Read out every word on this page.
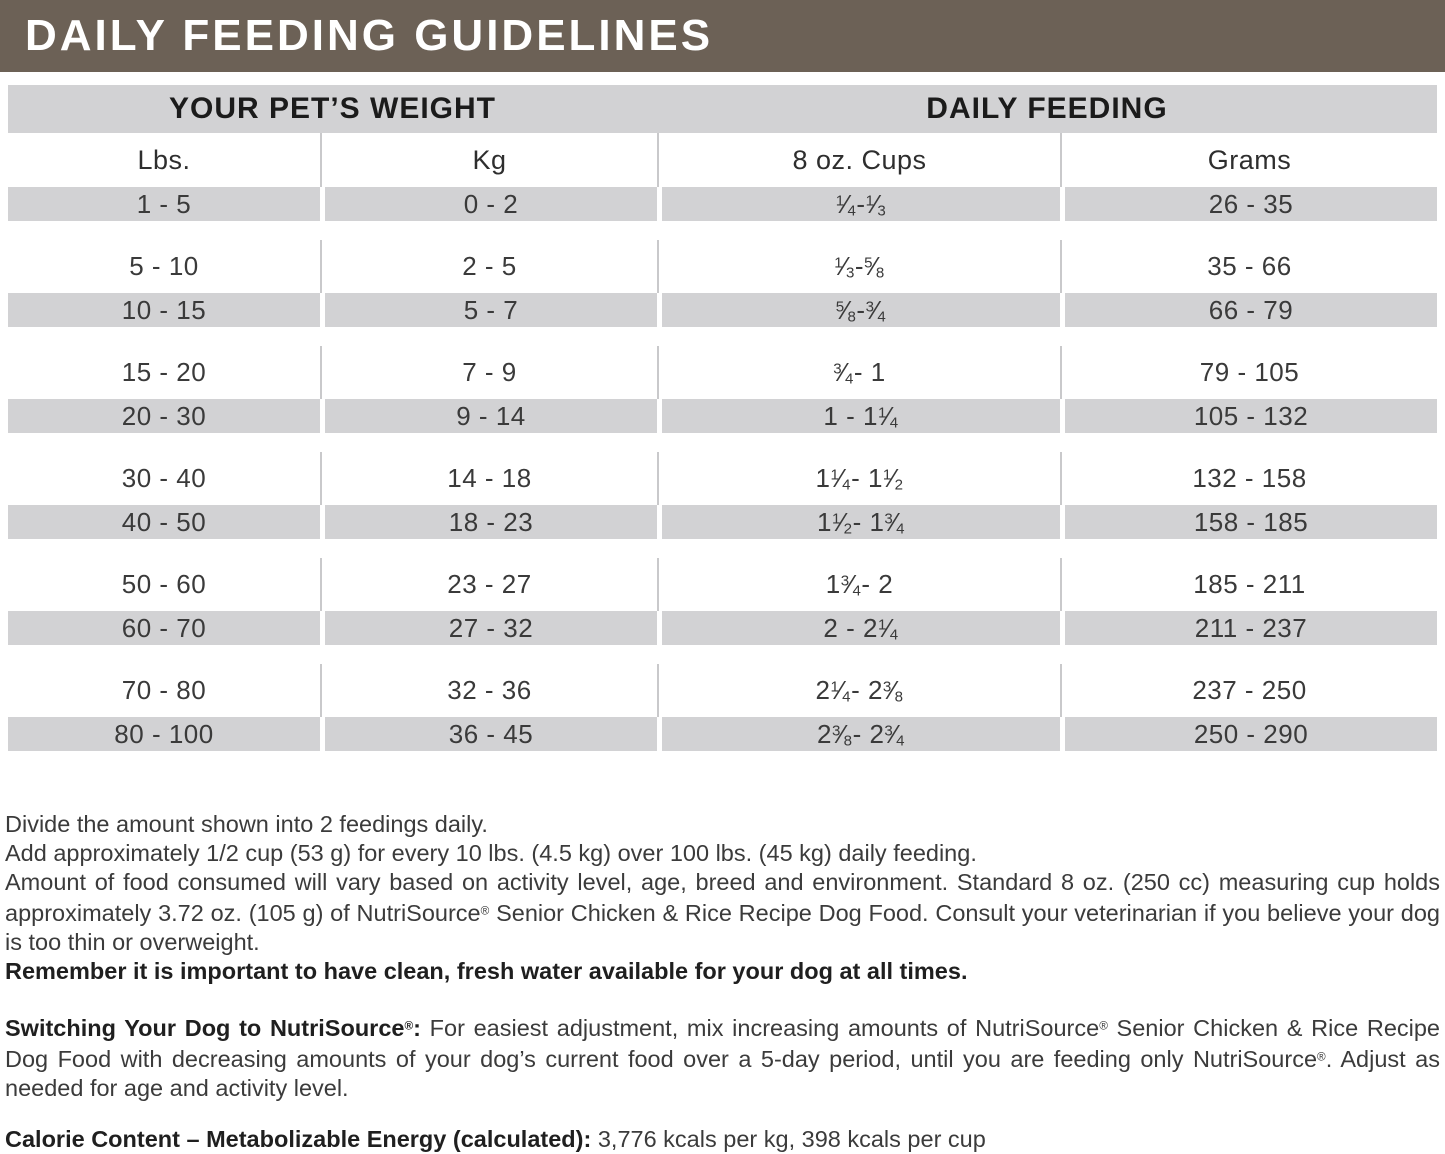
DAILY FEEDING GUIDELINES
YOUR PET’S WEIGHT	DAILY FEEDING
Lbs.	Kg	8 oz. Cups	Grams
1 - 5	0 - 2	$^1⁄_4$ - $^1⁄_3$	26 - 35
5 - 10	2 - 5	$^1⁄_3$ - $^5⁄_8$	35 - 66
10 - 15	5 - 7	$^5⁄_8$ - $^3⁄_4$	66 - 79
15 - 20	7 - 9	$^3⁄_4 - 1$	79 - 105
20 - 30	9 - 14	1 - 1 $^1⁄_4$	105 - 132
30 - 40	14 - 18	1 $^1⁄_4 - 1$ $^1⁄_2$	132 - 158
40 - 50	18 - 23	1 $^1⁄_2 - 1$ $^3⁄_4$	158 - 185
50 - 60	23 - 27	1 $^3⁄_4 - 2$	185 - 211
60 - 70	27 - 32	2 - 2 $^1⁄_4$	211 - 237
70 - 80	32 - 36	2 $^1⁄_4 - 2$ $^3⁄_8$	237 - 250
80 - 100	36 - 45	2 $^3⁄_8 - 2$ $^3⁄_4$	250 - 290

Divide the amount shown into 2 feedings daily.

Add approximately 1/2 cup (53 g) for every 10 lbs. (4.5 kg) over 100 lbs. (45 kg) daily feeding.

Amount of food consumed will vary based on activity level, age, breed and environment. Standard 8 oz. (250 cc) measuring cup holds approximately 3.72 oz. (105 g) of NutriSource® Senior Chicken & Rice Recipe Dog Food. Consult your veterinarian if you believe your dog is too thin or overweight.

Remember it is important to have clean, fresh water available for your dog at all times.

Switching Your Dog to NutriSource®: For easiest adjustment, mix increasing amounts of NutriSource® Senior Chicken & Rice Recipe Dog Food with decreasing amounts of your dog’s current food over a 5-day period, until you are feeding only NutriSource®. Adjust as needed for age and activity level.

Calorie Content – Metabolizable Energy (calculated): 3,776 kcals per kg, 398 kcals per cup
